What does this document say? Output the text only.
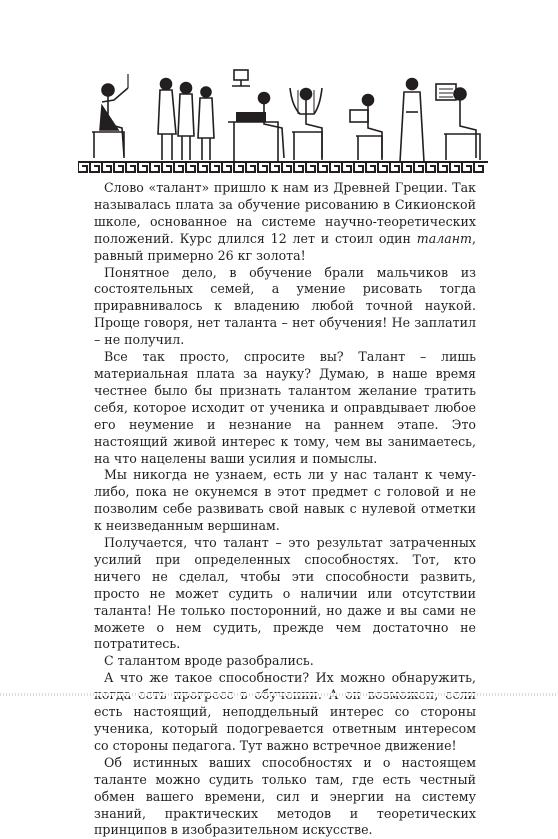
Слово «талант» пришло к нам из Древней Греции. Так называлась плата за обучение рисованию в Сикионской школе, основанное на системе научно-теоретических положений. Курс длился 12 лет и стоил один талант, равный примерно 26 кг золота!

Понятное дело, в обучение брали мальчиков из состоятельных семей, а умение рисовать тогда приравнивалось к владению любой точной наукой. Проще говоря, нет таланта – нет обучения! Не заплатил – не получил.

Все так просто, спросите вы? Талант – лишь материальная плата за науку? Думаю, в наше время честнее было бы признать талантом желание тратить себя, которое исходит от ученика и оправдывает любое его неумение и незнание на раннем этапе. Это настоящий живой интерес к тому, чем вы занимаетесь, на что нацелены ваши усилия и помыслы.

Мы никогда не узнаем, есть ли у нас талант к чему-либо, пока не окунемся в этот предмет с головой и не позволим себе развивать свой навык с нулевой отметки к неизведанным вершинам.

Получается, что талант – это результат затраченных усилий при определенных способностях. Тот, кто ничего не сделал, чтобы эти способности развить, просто не может судить о наличии или отсутствии таланта! Не только посторонний, но даже и вы сами не можете о нем судить, прежде чем достаточно не потратитесь.

С талантом вроде разобрались.

А что же такое способности? Их можно обнаружить, есть настоящий, неподдельный интерес со стороны ученика, который подогревается ответным интересом со стороны педагога. Тут важно встречное движение!

Об истинных ваших способностях и о настоящем таланте можно судить только там, где есть честный обмен вашего времени, сил и энергии на систему знаний, практических методов и теоретических принципов в изобразительном искусстве.
